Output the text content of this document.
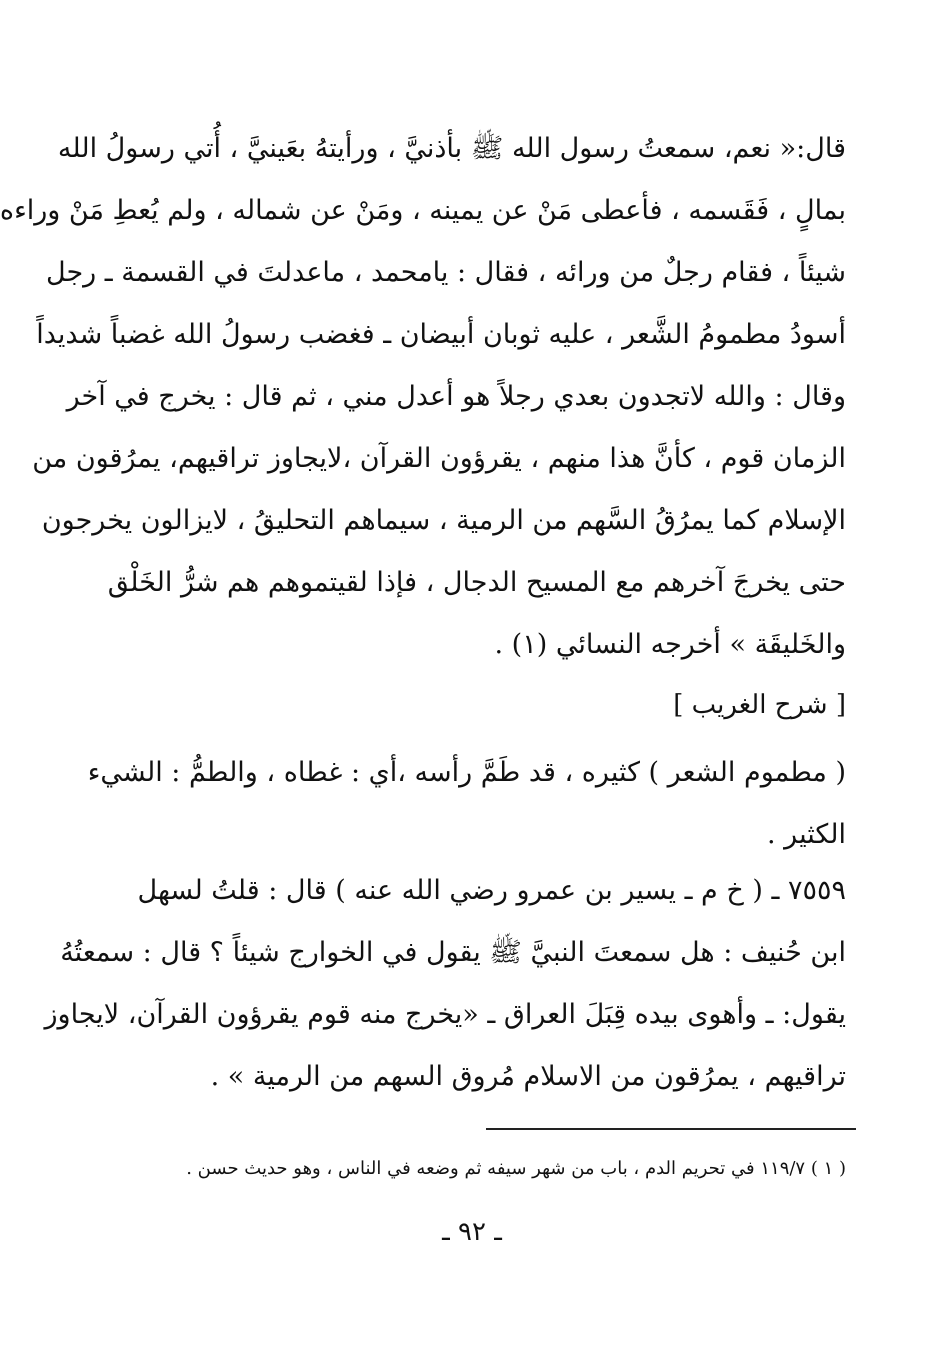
قال:« نعم، سمعتُ رسول الله ﷺ بأذنيَّ ، ورأيتهُ بعَينيَّ ، أُتي رسولُ الله
بمالٍ ، فَقَسمه ، فأعطى مَنْ عن يمينه ، ومَنْ عن شماله ، ولم يُعطِ مَنْ وراءه
شيئاً ، فقام رجلٌ من ورائه ، فقال : يامحمد ، ماعدلتَ في القسمة ـ رجل
أسودُ مطمومُ الشَّعر ، عليه ثوبان أبيضان ـ فغضب رسولُ الله غضباً شديداً
وقال : والله لاتجدون بعدي رجلاً هو أعدل مني ، ثم قال : يخرج في آخر
الزمان قوم ، كأنَّ هذا منهم ، يقرؤون القرآن ،لايجاوز تراقيهم، يمرُقون من
الإسلام كما يمرُقُ السَّهم من الرمية ، سيماهم التحليقُ ، لايزالون يخرجون
حتى يخرجَ آخرهم مع المسيح الدجال ، فإذا لقيتموهم هم شرُّ الخَلْق
والخَليقَة » أخرجه النسائي (١) .
[ شرح الغريب ]
( مطموم الشعر ) كثيره ، قد طَمَّ رأسه ،أي : غطاه ، والطمُّ : الشيء
الكثير .
٧٥٥٩ ـ ( خ م ـ يسير بن عمرو رضي الله عنه ) قال : قلتُ لسهل
ابن حُنيف : هل سمعتَ النبيَّ ﷺ يقول في الخوارج شيئاً ؟ قال : سمعتُهُ
يقول: ـ وأهوى بيده قِبَلَ العراق ـ «يخرج منه قوم يقرؤون القرآن، لايجاوز
تراقيهم ، يمرُقون من الاسلام مُروق السهم من الرمية » .
( ١ ) ١١٩/٧ في تحريم الدم ، باب من شهر سيفه ثم وضعه في الناس ، وهو حديث حسن .
ـ ٩٢ ـ
